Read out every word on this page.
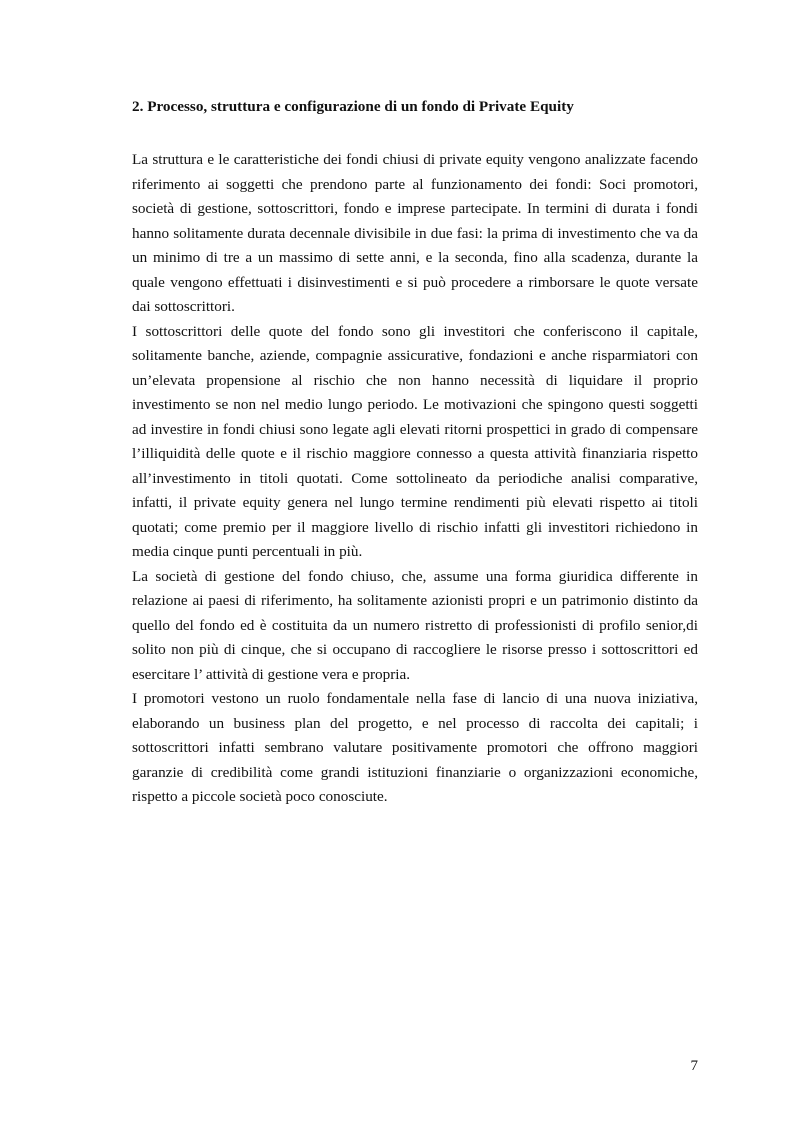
2. Processo, struttura e configurazione di un fondo di Private Equity

La struttura e le caratteristiche dei fondi chiusi di private equity vengono analizzate facendo riferimento ai soggetti che prendono parte al funzionamento dei fondi: Soci promotori, società di gestione, sottoscrittori, fondo e imprese partecipate. In termini di durata i fondi hanno solitamente durata decennale divisibile in due fasi: la prima di investimento che va da un minimo di tre a un massimo di sette anni, e la seconda, fino alla scadenza, durante la quale vengono effettuati i disinvestimenti e si può procedere a rimborsare le quote versate dai sottoscrittori.

I sottoscrittori delle quote del fondo sono gli investitori che conferiscono il capitale, solitamente banche, aziende, compagnie assicurative, fondazioni e anche risparmiatori con un’elevata propensione al rischio che non hanno necessità di liquidare il proprio investimento se non nel medio lungo periodo. Le motivazioni che spingono questi soggetti ad investire in fondi chiusi sono legate agli elevati ritorni prospettici in grado di compensare l’illiquidità delle quote e il rischio maggiore connesso a questa attività finanziaria rispetto all’investimento in titoli quotati. Come sottolineato da periodiche analisi comparative, infatti, il private equity genera nel lungo termine rendimenti più elevati rispetto ai titoli quotati; come premio per il maggiore livello di rischio infatti gli investitori richiedono in media cinque punti percentuali in più.

La società di gestione del fondo chiuso, che, assume una forma giuridica differente in relazione ai paesi di riferimento, ha solitamente azionisti propri e un patrimonio distinto da quello del fondo ed è costituita da un numero ristretto di professionisti di profilo senior,di solito non più di cinque, che si occupano di raccogliere le risorse presso i sottoscrittori ed esercitare l’ attività di gestione vera e propria.

I promotori vestono un ruolo fondamentale nella fase di lancio di una nuova iniziativa, elaborando un business plan del progetto, e nel processo di raccolta dei capitali; i sottoscrittori infatti sembrano valutare positivamente promotori che offrono maggiori garanzie di credibilità come grandi istituzioni finanziarie o organizzazioni economiche, rispetto a piccole società poco conosciute.

7
